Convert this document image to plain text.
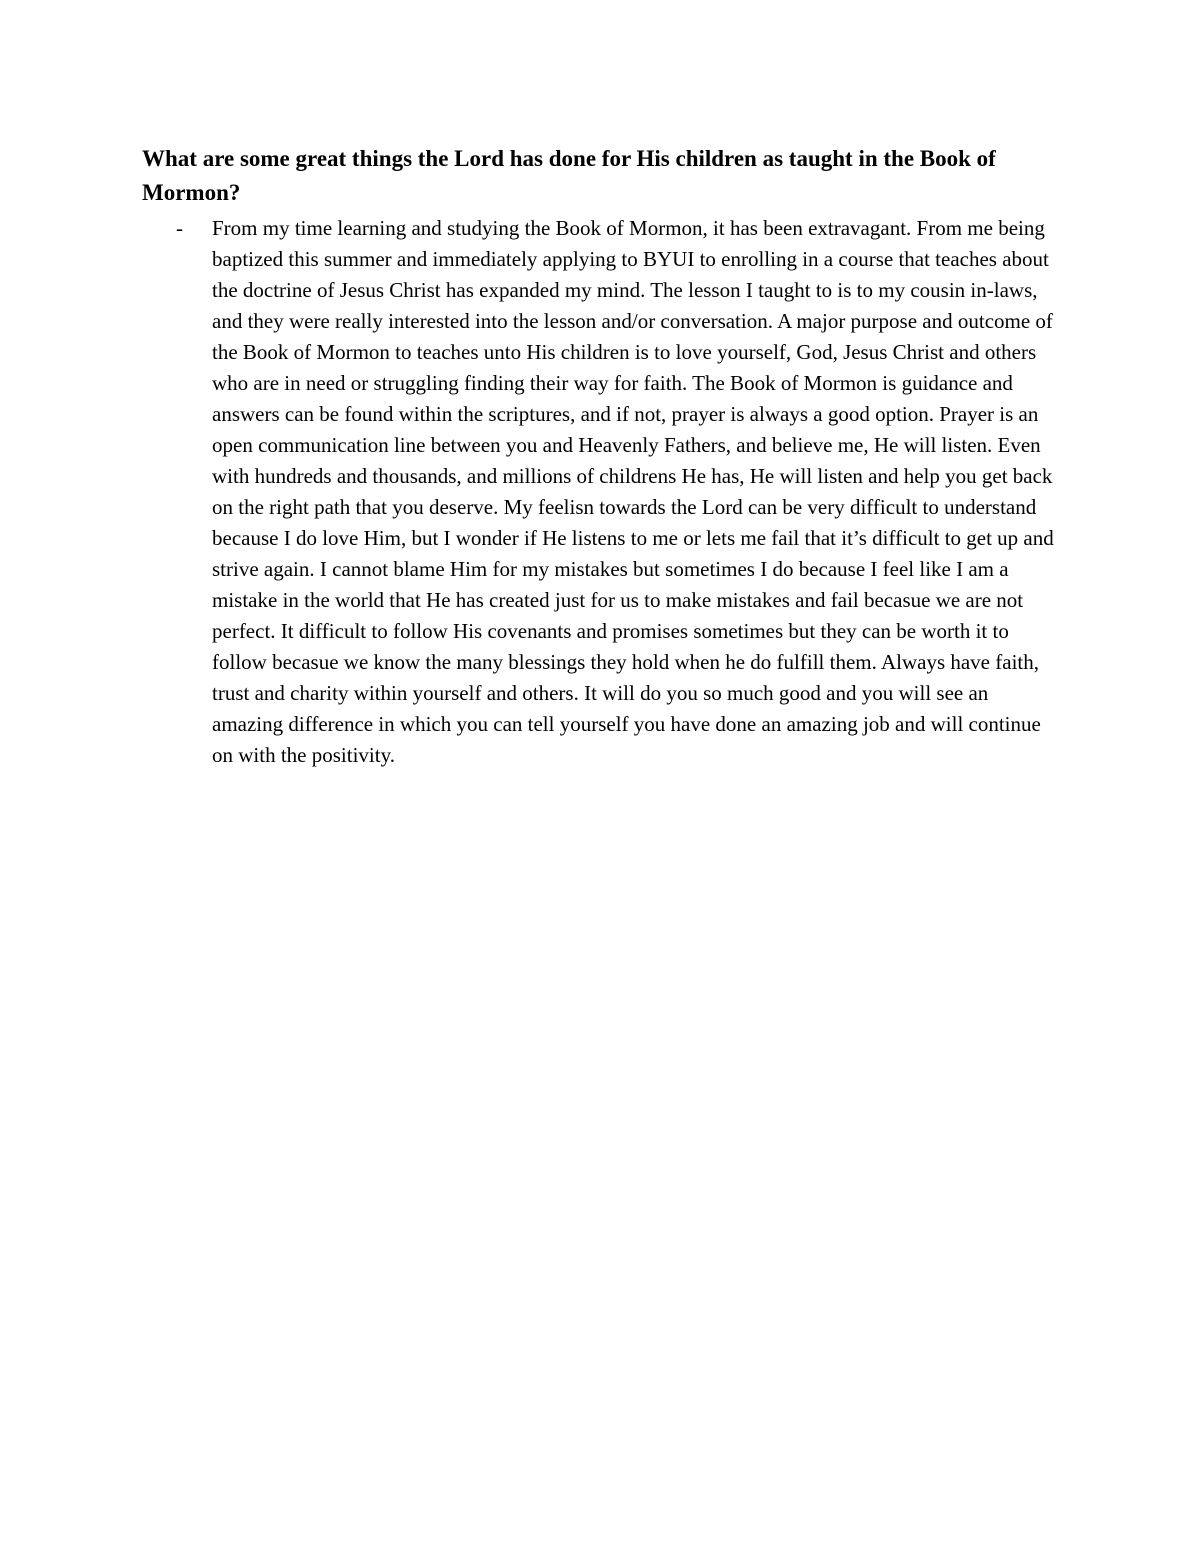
What are some great things the Lord has done for His children as taught in the Book of Mormon?
- From my time learning and studying the Book of Mormon, it has been extravagant. From me being baptized this summer and immediately applying to BYUI to enrolling in a course that teaches about the doctrine of Jesus Christ has expanded my mind. The lesson I taught to is to my cousin in-laws, and they were really interested into the lesson and/or conversation. A major purpose and outcome of the Book of Mormon to teaches unto His children is to love yourself, God, Jesus Christ and others who are in need or struggling finding their way for faith. The Book of Mormon is guidance and answers can be found within the scriptures, and if not, prayer is always a good option. Prayer is an open communication line between you and Heavenly Fathers, and believe me, He will listen. Even with hundreds and thousands, and millions of childrens He has, He will listen and help you get back on the right path that you deserve. My feelisn towards the Lord can be very difficult to understand because I do love Him, but I wonder if He listens to me or lets me fail that it’s difficult to get up and strive again. I cannot blame Him for my mistakes but sometimes I do because I feel like I am a mistake in the world that He has created just for us to make mistakes and fail becasue we are not perfect. It difficult to follow His covenants and promises sometimes but they can be worth it to follow becasue we know the many blessings they hold when he do fulfill them. Always have faith, trust and charity within yourself and others. It will do you so much good and you will see an amazing difference in which you can tell yourself you have done an amazing job and will continue on with the positivity.
